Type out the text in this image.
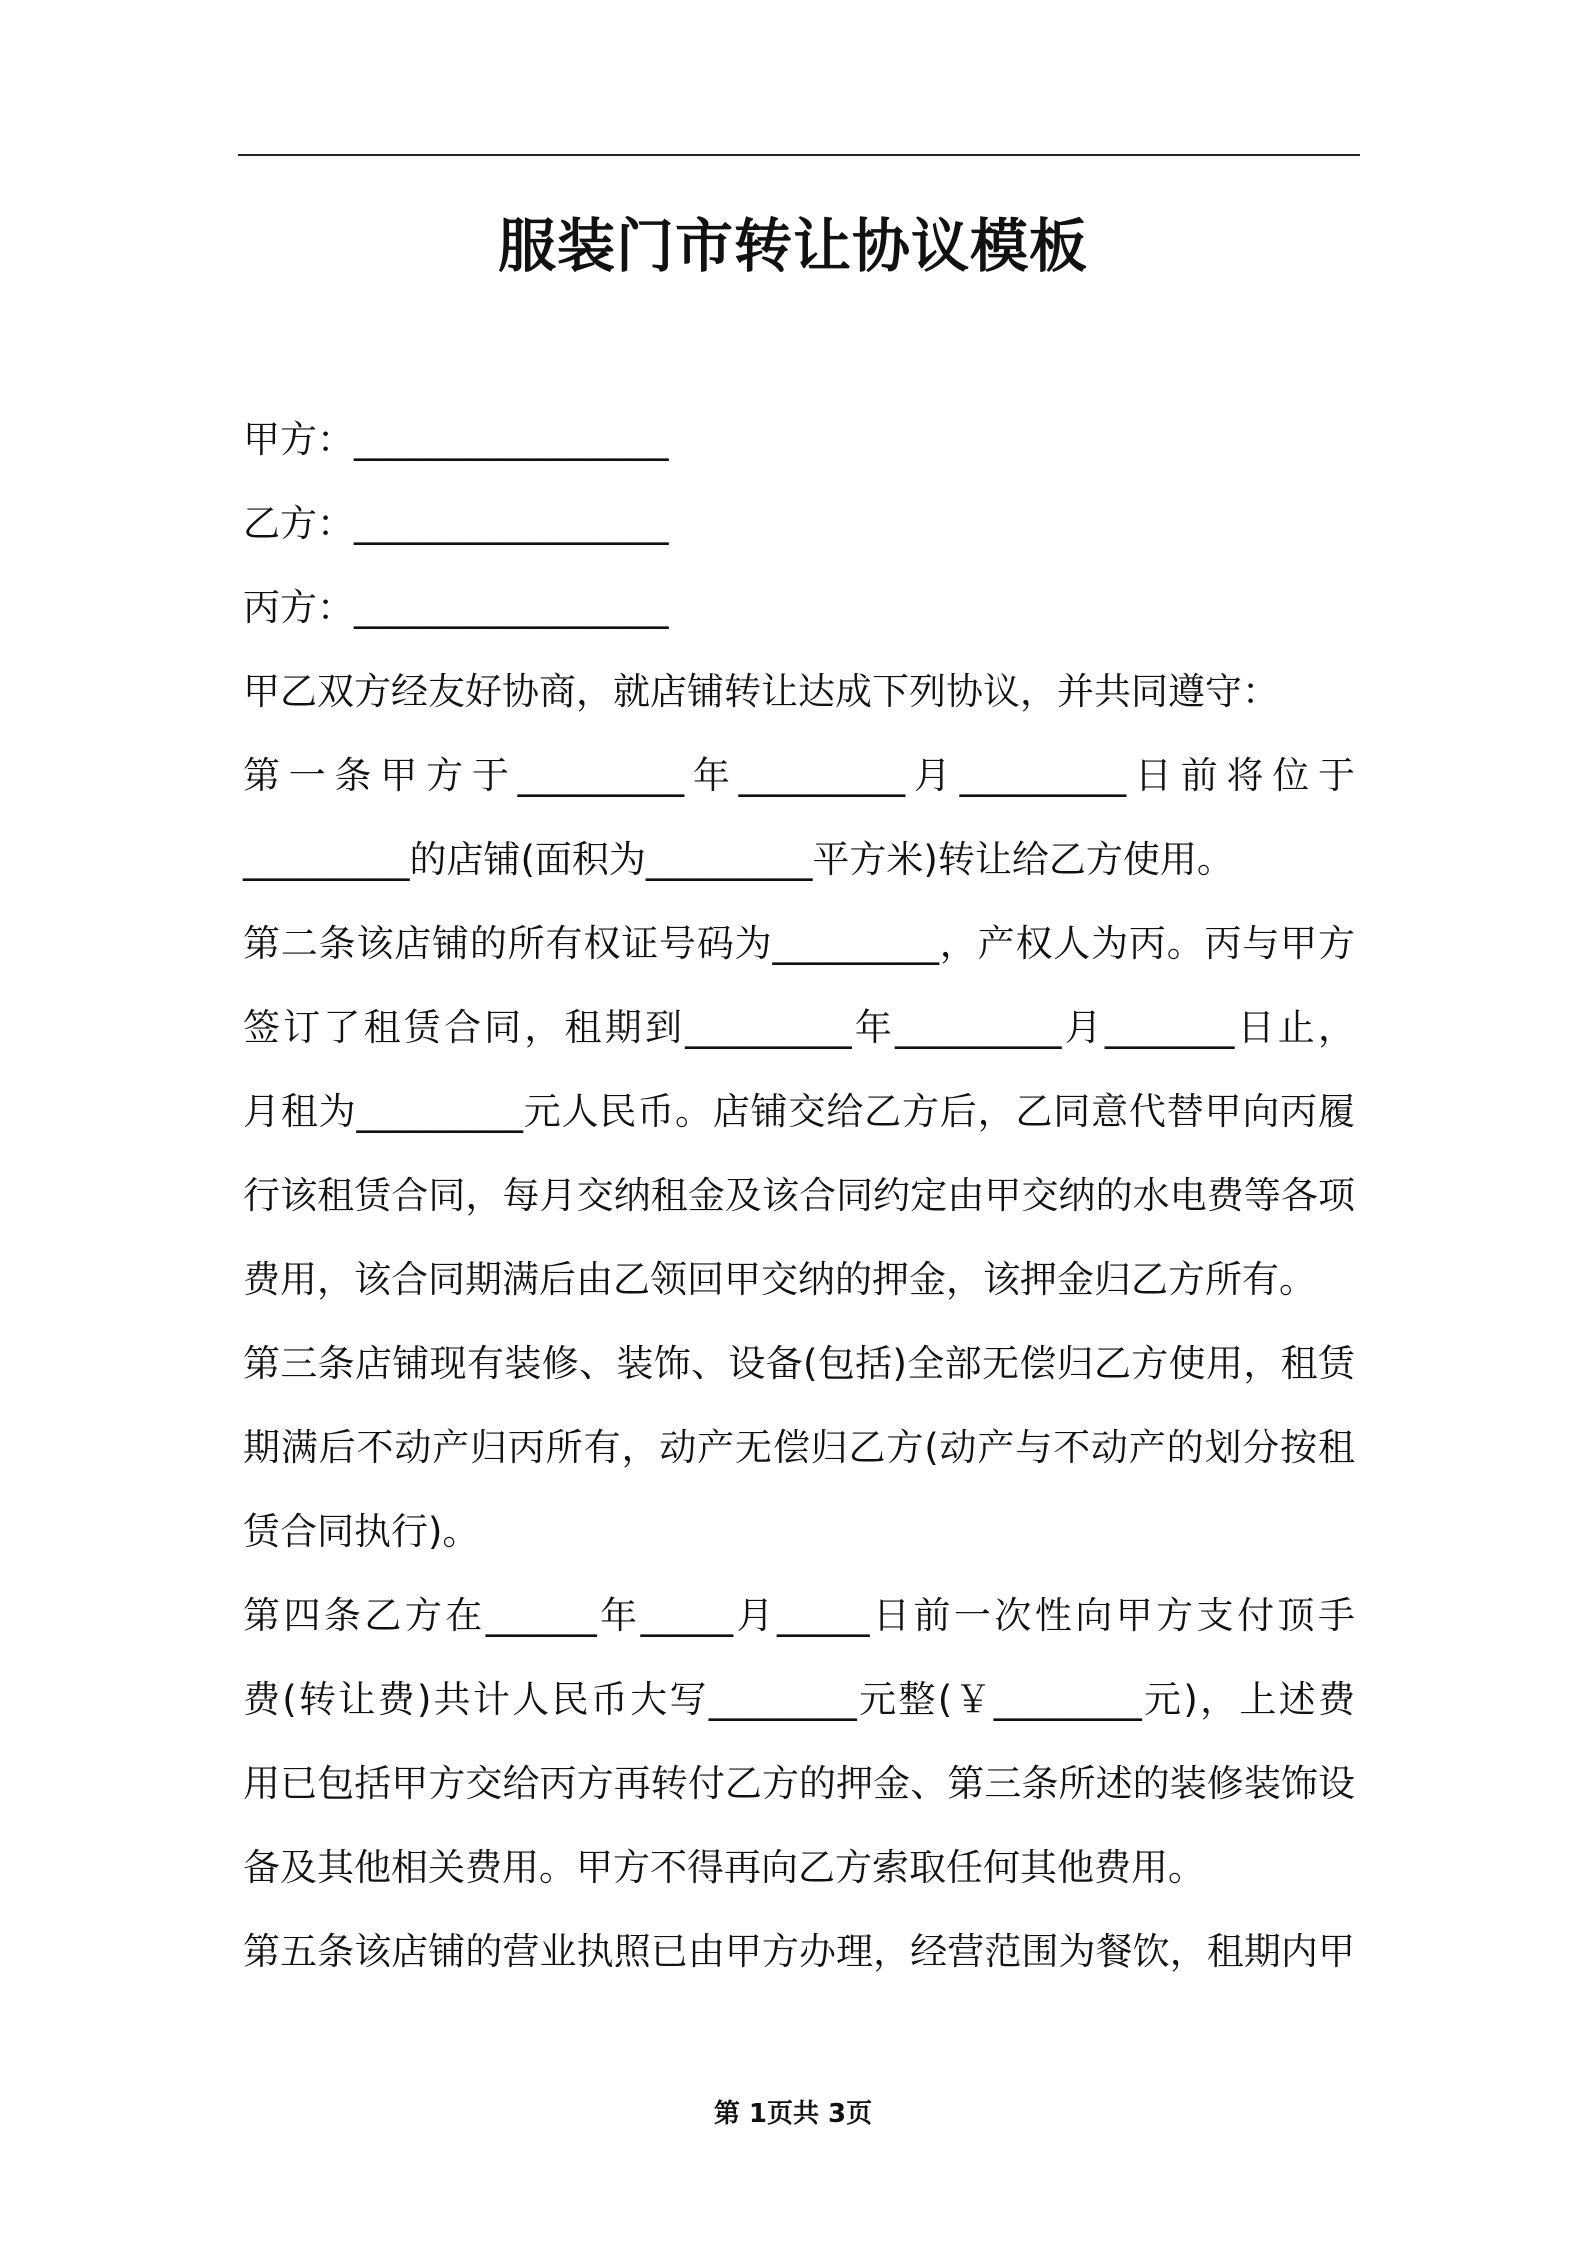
服装门市转让协议模板

甲方：_________________

乙方：_________________

丙方：_________________

甲乙双方经友好协商，就店铺转让达成下列协议，并共同遵守：

第一条甲方于_________年_________月_________日前将位于

_________的店铺(面积为_________平方米)转让给乙方使用。

第二条该店铺的所有权证号码为_________，产权人为丙。丙与甲方

签订了租赁合同，租期到_________年_________月_______日止，

月租为_________元人民币。店铺交给乙方后，乙同意代替甲向丙履

行该租赁合同，每月交纳租金及该合同约定由甲交纳的水电费等各项

费用，该合同期满后由乙领回甲交纳的押金，该押金归乙方所有。

第三条店铺现有装修、装饰、设备(包括)全部无偿归乙方使用，租赁

期满后不动产归丙所有，动产无偿归乙方(动产与不动产的划分按租

赁合同执行)。

第四条乙方在______年_____月_____日前一次性向甲方支付顶手

费(转让费)共计人民币大写________元整(￥________元)，上述费

用已包括甲方交给丙方再转付乙方的押金、第三条所述的装修装饰设

备及其他相关费用。甲方不得再向乙方索取任何其他费用。

第五条该店铺的营业执照已由甲方办理，经营范围为餐饮，租期内甲

第 1页共 3页
